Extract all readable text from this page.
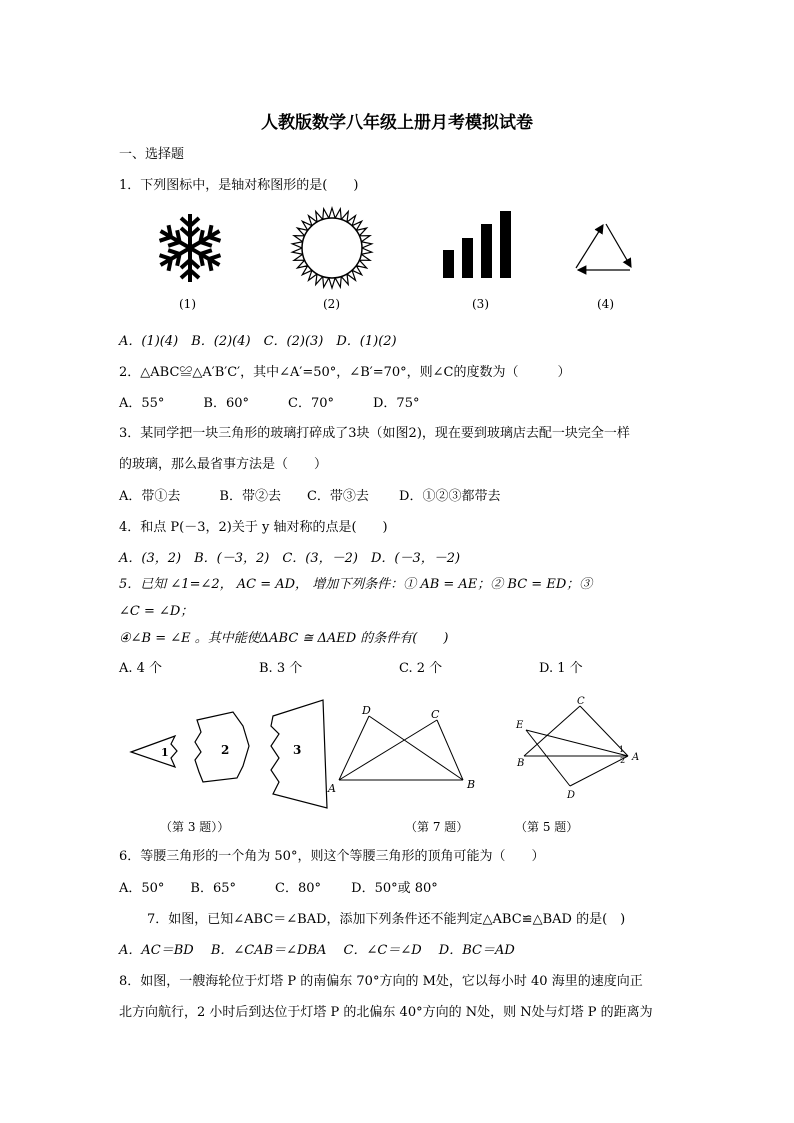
人教版数学八年级上册月考模拟试卷
一、选择题
1．下列图标中，是轴对称图形的是(　　)
(1)	(2)	(3)	(4)
A．(1)(4)　B．(2)(4)　C．(2)(3)　D．(1)(2)
2．△ABC≌△A′B′C′，其中∠A′=50°，∠B′=70°，则∠C的度数为（　　　）
A．55°　　　B．60°　　　C．70°　　　D．75°
3．某同学把一块三角形的玻璃打碎成了3块（如图2)，现在要到玻璃店去配一块完全一样
的玻璃，那么最省事方法是（　　）
A．带①去　　　B．带②去　　C．带③去　　 D．①②③都带去
4．和点 P(－3，2)关于 y 轴对称的点是(　　)
A．(3，2)　B．(－3，2)　C．(3，－2)　D．(－3，－2)
5．已知 ∠1=∠2， AC = AD， 增加下列条件：① AB = AE；② BC = ED；③
∠C = ∠D；
④∠B = ∠E 。其中能使ΔABC ≅ ΔAED 的条件有(　　)
A. 4 个	B. 3 个	C. 2 个	D. 1 个
1	2	3
D	C
A	B
C
E
1
B	2 A
D
（第 3 题））	（第 7 题）	（第 5 题）
6．等腰三角形的一个角为 50°，则这个等腰三角形的顶角可能为（　　）
A．50°　　B．65°　　　C．80°　　 D．50°或 80°
7．如图，已知∠ABC＝∠BAD，添加下列条件还不能判定△ABC≌△BAD 的是(　)
A．AC＝BD　 B．∠CAB＝∠DBA　 C．∠C＝∠D　 D．BC＝AD
8．如图，一艘海轮位于灯塔 P 的南偏东 70°方向的 M处，它以每小时 40 海里的速度向正
北方向航行，2 小时后到达位于灯塔 P 的北偏东 40°方向的 N处，则 N处与灯塔 P 的距离为
